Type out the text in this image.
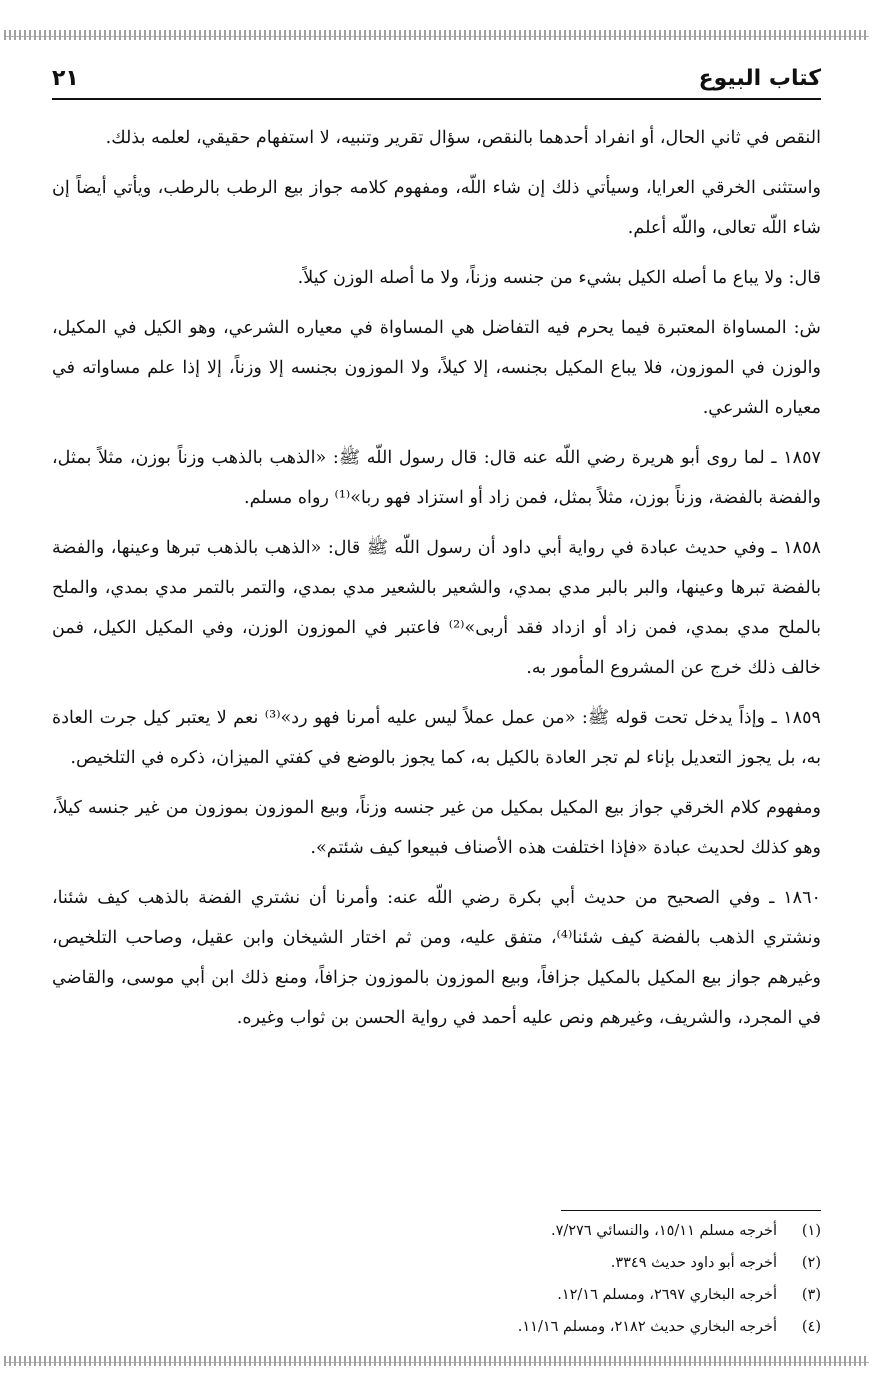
٢١	كتاب البيوع

النقص في ثاني الحال، أو انفراد أحدهما بالنقص، سؤال تقرير وتنبيه، لا استفهام حقيقي، لعلمه بذلك.

واستثنى الخرقي العرايا، وسيأتي ذلك إن شاء اللّه، ومفهوم كلامه جواز بيع الرطب بالرطب، ويأتي أيضاً إن شاء اللّه تعالى، واللّه أعلم.

قال: ولا يباع ما أصله الكيل بشيء من جنسه وزناً، ولا ما أصله الوزن كيلاً.

ش: المساواة المعتبرة فيما يحرم فيه التفاضل هي المساواة في معياره الشرعي، وهو الكيل في المكيل، والوزن في الموزون، فلا يباع المكيل بجنسه، إلا كيلاً، ولا الموزون بجنسه إلا وزناً، إلا إذا علم مساواته في معياره الشرعي.

١٨٥٧ ـ لما روى أبو هريرة رضي اللّه عنه قال: قال رسول اللّه ﷺ: «الذهب بالذهب وزناً بوزن، مثلاً بمثل، والفضة بالفضة، وزناً بوزن، مثلاً بمثل، فمن زاد أو استزاد فهو ربا»⁽¹⁾ رواه مسلم.

١٨٥٨ ـ وفي حديث عبادة في رواية أبي داود أن رسول اللّه ﷺ قال: «الذهب بالذهب تبرها وعينها، والفضة بالفضة تبرها وعينها، والبر بالبر مدي بمدي، والشعير بالشعير مدي بمدي، والتمر بالتمر مدي بمدي، والملح بالملح مدي بمدي، فمن زاد أو ازداد فقد أربى»⁽²⁾ فاعتبر في الموزون الوزن، وفي المكيل الكيل، فمن خالف ذلك خرج عن المشروع المأمور به.

١٨٥٩ ـ وإذاً يدخل تحت قوله ﷺ: «من عمل عملاً ليس عليه أمرنا فهو رد»⁽³⁾ نعم لا يعتبر كيل جرت العادة به، بل يجوز التعديل بإناء لم تجر العادة بالكيل به، كما يجوز بالوضع في كفتي الميزان، ذكره في التلخيص.

ومفهوم كلام الخرقي جواز بيع المكيل بمكيل من غير جنسه وزناً، وبيع الموزون بموزون من غير جنسه كيلاً، وهو كذلك لحديث عبادة «فإذا اختلفت هذه الأصناف فبيعوا كيف شئتم».

١٨٦٠ ـ وفي الصحيح من حديث أبي بكرة رضي اللّه عنه: وأمرنا أن نشتري الفضة بالذهب كيف شئنا، ونشتري الذهب بالفضة كيف شئنا⁽⁴⁾، متفق عليه، ومن ثم اختار الشيخان وابن عقيل، وصاحب التلخيص، وغيرهم جواز بيع المكيل بالمكيل جزافاً، وبيع الموزون بالموزون جزافاً، ومنع ذلك ابن أبي موسى، والقاضي في المجرد، والشريف، وغيرهم ونص عليه أحمد في رواية الحسن بن ثواب وغيره.

(١)
أخرجه مسلم ١٥/١١، والنسائي ٧/٢٧٦.
(٢)
أخرجه أبو داود حديث ٣٣٤٩.
(٣)
أخرجه البخاري ٢٦٩٧، ومسلم ١٢/١٦.
(٤)
أخرجه البخاري حديث ٢١٨٢، ومسلم ١١/١٦.
